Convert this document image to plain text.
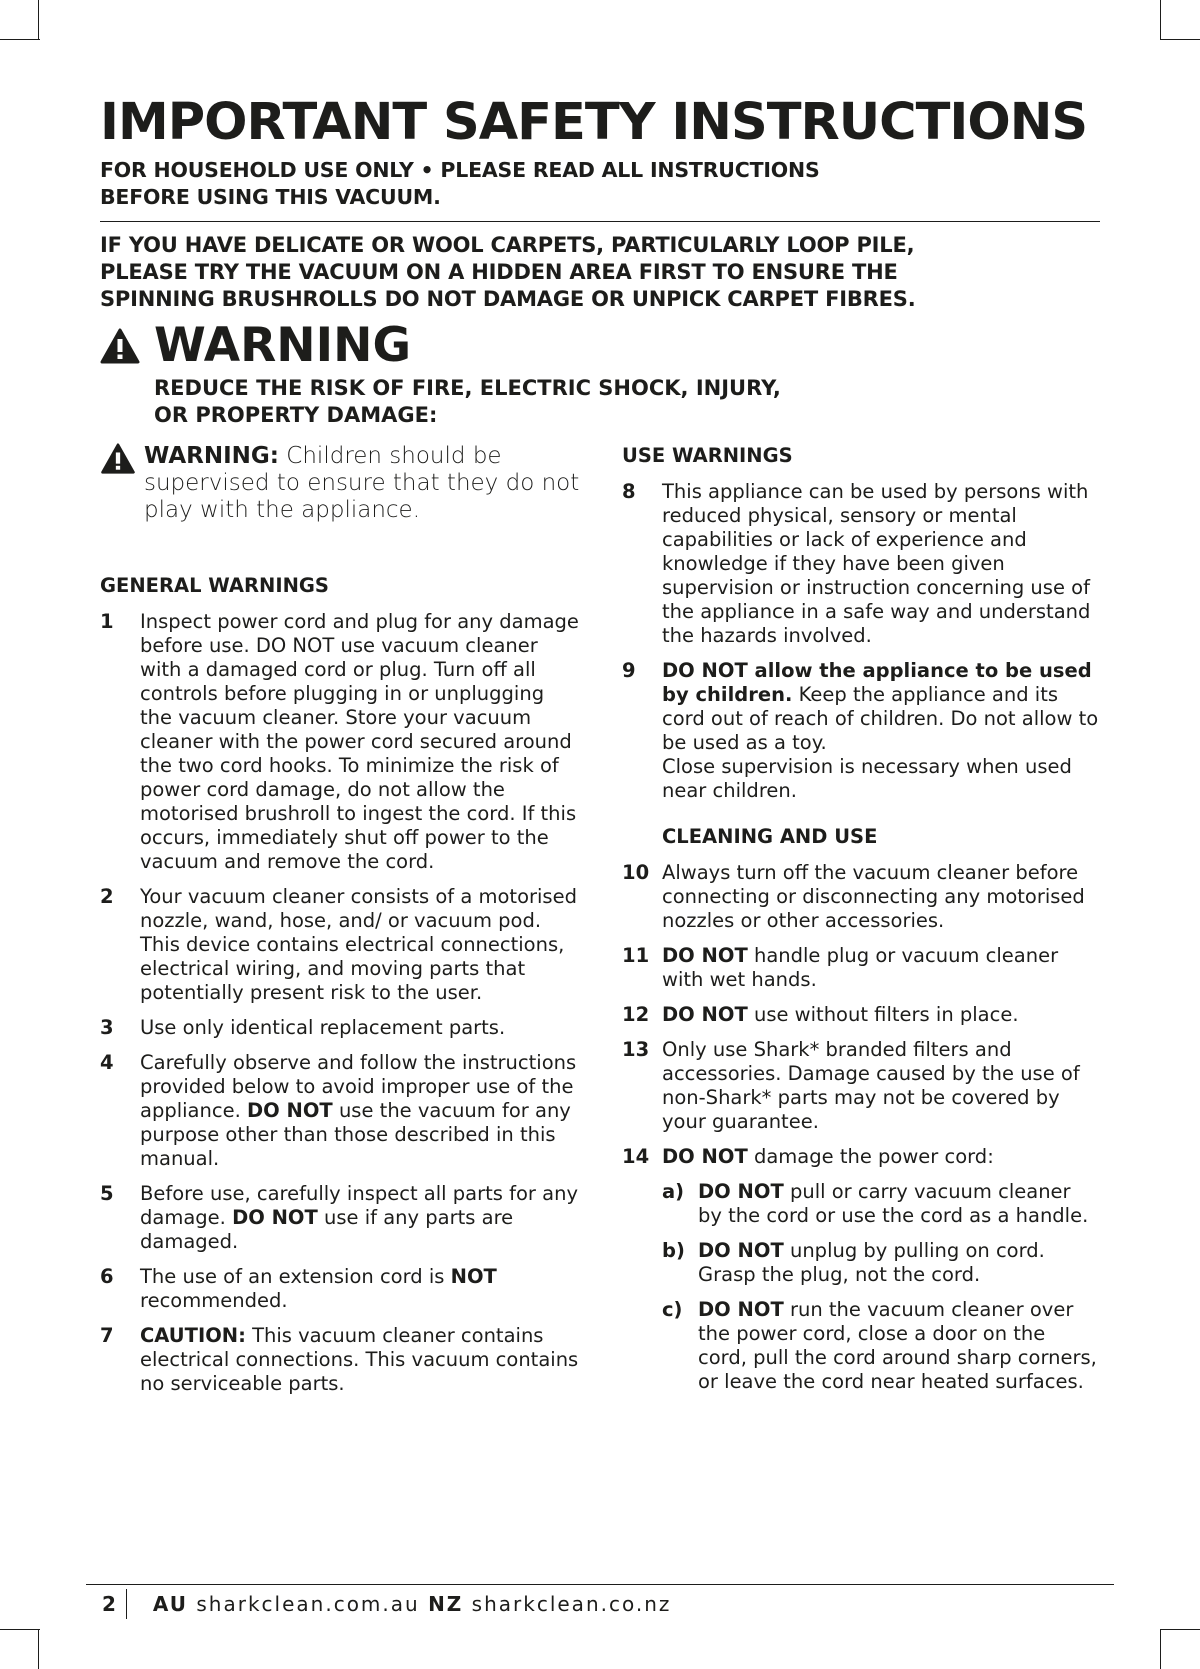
IMPORTANT SAFETY INSTRUCTIONS
FOR HOUSEHOLD USE ONLY • PLEASE READ ALL INSTRUCTIONS
BEFORE USING THIS VACUUM.
IF YOU HAVE DELICATE OR WOOL CARPETS, PARTICULARLY LOOP PILE,
PLEASE TRY THE VACUUM ON A HIDDEN AREA FIRST TO ENSURE THE
SPINNING BRUSHROLLS DO NOT DAMAGE OR UNPICK CARPET FIBRES.
WARNING
REDUCE THE RISK OF FIRE, ELECTRIC SHOCK, INJURY,
OR PROPERTY DAMAGE:
WARNING: Children should be supervised to ensure that they do not play with the appliance.
GENERAL WARNINGS
1	Inspect power cord and plug for any damage before use. DO NOT use vacuum cleaner with a damaged cord or plug. Turn off all controls before plugging in or unplugging the vacuum cleaner. Store your vacuum cleaner with the power cord secured around the two cord hooks. To minimize the risk of power cord damage, do not allow the motorised brushroll to ingest the cord. If this occurs, immediately shut off power to the vacuum and remove the cord.
2	Your vacuum cleaner consists of a motorised nozzle, wand, hose, and/ or vacuum pod. This device contains electrical connections, electrical wiring, and moving parts that potentially present risk to the user.
3	Use only identical replacement parts.
4	Carefully observe and follow the instructions provided below to avoid improper use of the appliance. DO NOT use the vacuum for any purpose other than those described in this manual.
5	Before use, carefully inspect all parts for any damage. DO NOT use if any parts are damaged.
6	The use of an extension cord is NOT recommended.
7	CAUTION: This vacuum cleaner contains electrical connections. This vacuum contains no serviceable parts.
USE WARNINGS
8	This appliance can be used by persons with reduced physical, sensory or mental capabilities or lack of experience and knowledge if they have been given supervision or instruction concerning use of the appliance in a safe way and understand the hazards involved.
9	DO NOT allow the appliance to be used by children. Keep the appliance and its cord out of reach of children. Do not allow to be used as a toy.
Close supervision is necessary when used near children.
CLEANING AND USE
10 Always turn off the vacuum cleaner before connecting or disconnecting any motorised nozzles or other accessories.
11 DO NOT handle plug or vacuum cleaner with wet hands.
12 DO NOT use without filters in place.
13 Only use Shark* branded filters and accessories. Damage caused by the use of non-Shark* parts may not be covered by your guarantee.
14 DO NOT damage the power cord:
a) DO NOT pull or carry vacuum cleaner by the cord or use the cord as a handle.
b) DO NOT unplug by pulling on cord. Grasp the plug, not the cord.
c) DO NOT run the vacuum cleaner over the power cord, close a door on the cord, pull the cord around sharp corners, or leave the cord near heated surfaces.
2 AU
sharkclean.com.au
NZ
sharkclean.co.nz
